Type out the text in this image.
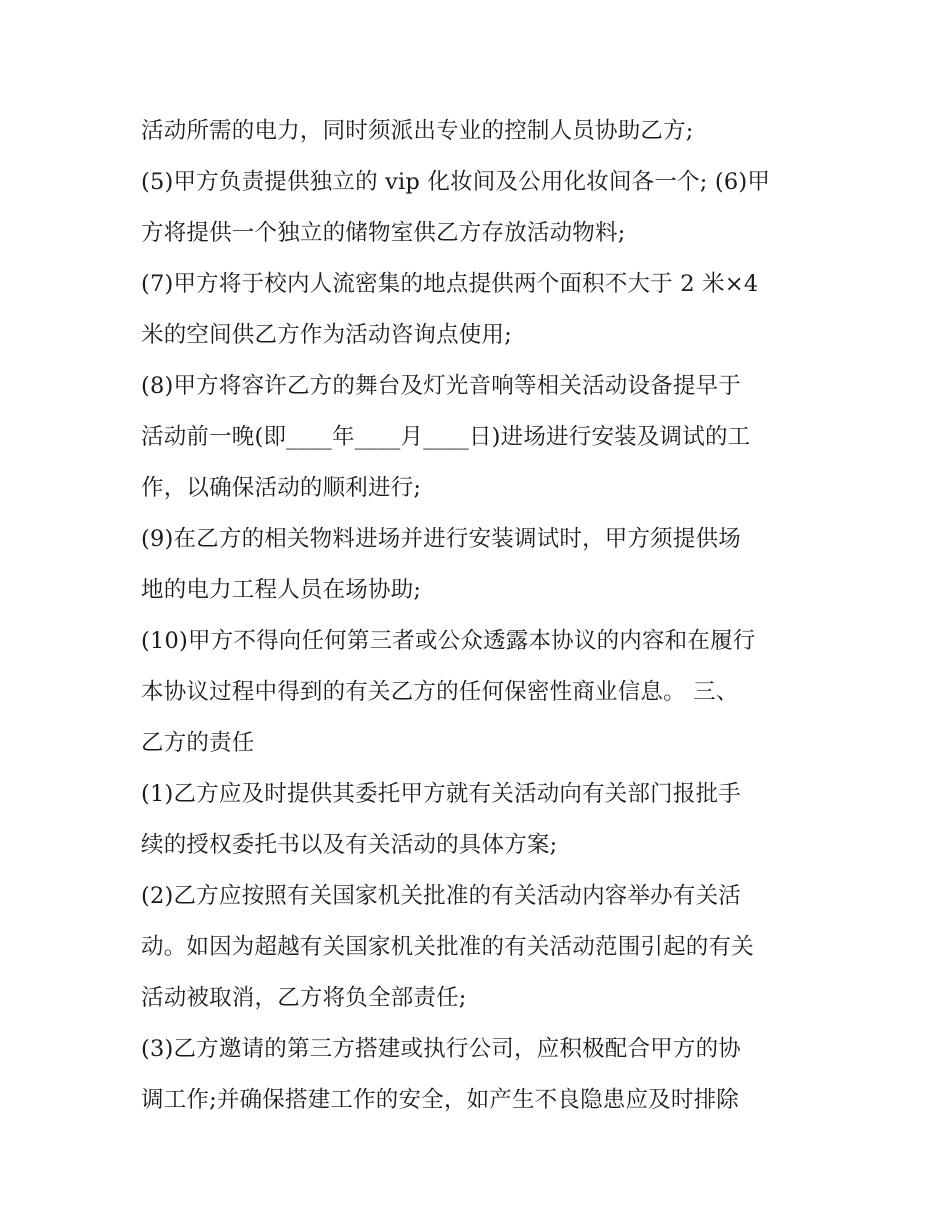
活动所需的电力，同时须派出专业的控制人员协助乙方;
(5)甲方负责提供独立的 vip 化妆间及公用化妆间各一个; (6)甲
方将提供一个独立的储物室供乙方存放活动物料;
(7)甲方将于校内人流密集的地点提供两个面积不大于 2 米×4
米的空间供乙方作为活动咨询点使用;
(8)甲方将容许乙方的舞台及灯光音响等相关活动设备提早于
活动前一晚(即____年____月____日)进场进行安装及调试的工
作，以确保活动的顺利进行;
(9)在乙方的相关物料进场并进行安装调试时，甲方须提供场
地的电力工程人员在场协助;
(10)甲方不得向任何第三者或公众透露本协议的内容和在履行
本协议过程中得到的有关乙方的任何保密性商业信息。 三、
乙方的责任
(1)乙方应及时提供其委托甲方就有关活动向有关部门报批手
续的授权委托书以及有关活动的具体方案;
(2)乙方应按照有关国家机关批准的有关活动内容举办有关活
动。如因为超越有关国家机关批准的有关活动范围引起的有关
活动被取消，乙方将负全部责任;
(3)乙方邀请的第三方搭建或执行公司，应积极配合甲方的协
调工作;并确保搭建工作的安全，如产生不良隐患应及时排除
